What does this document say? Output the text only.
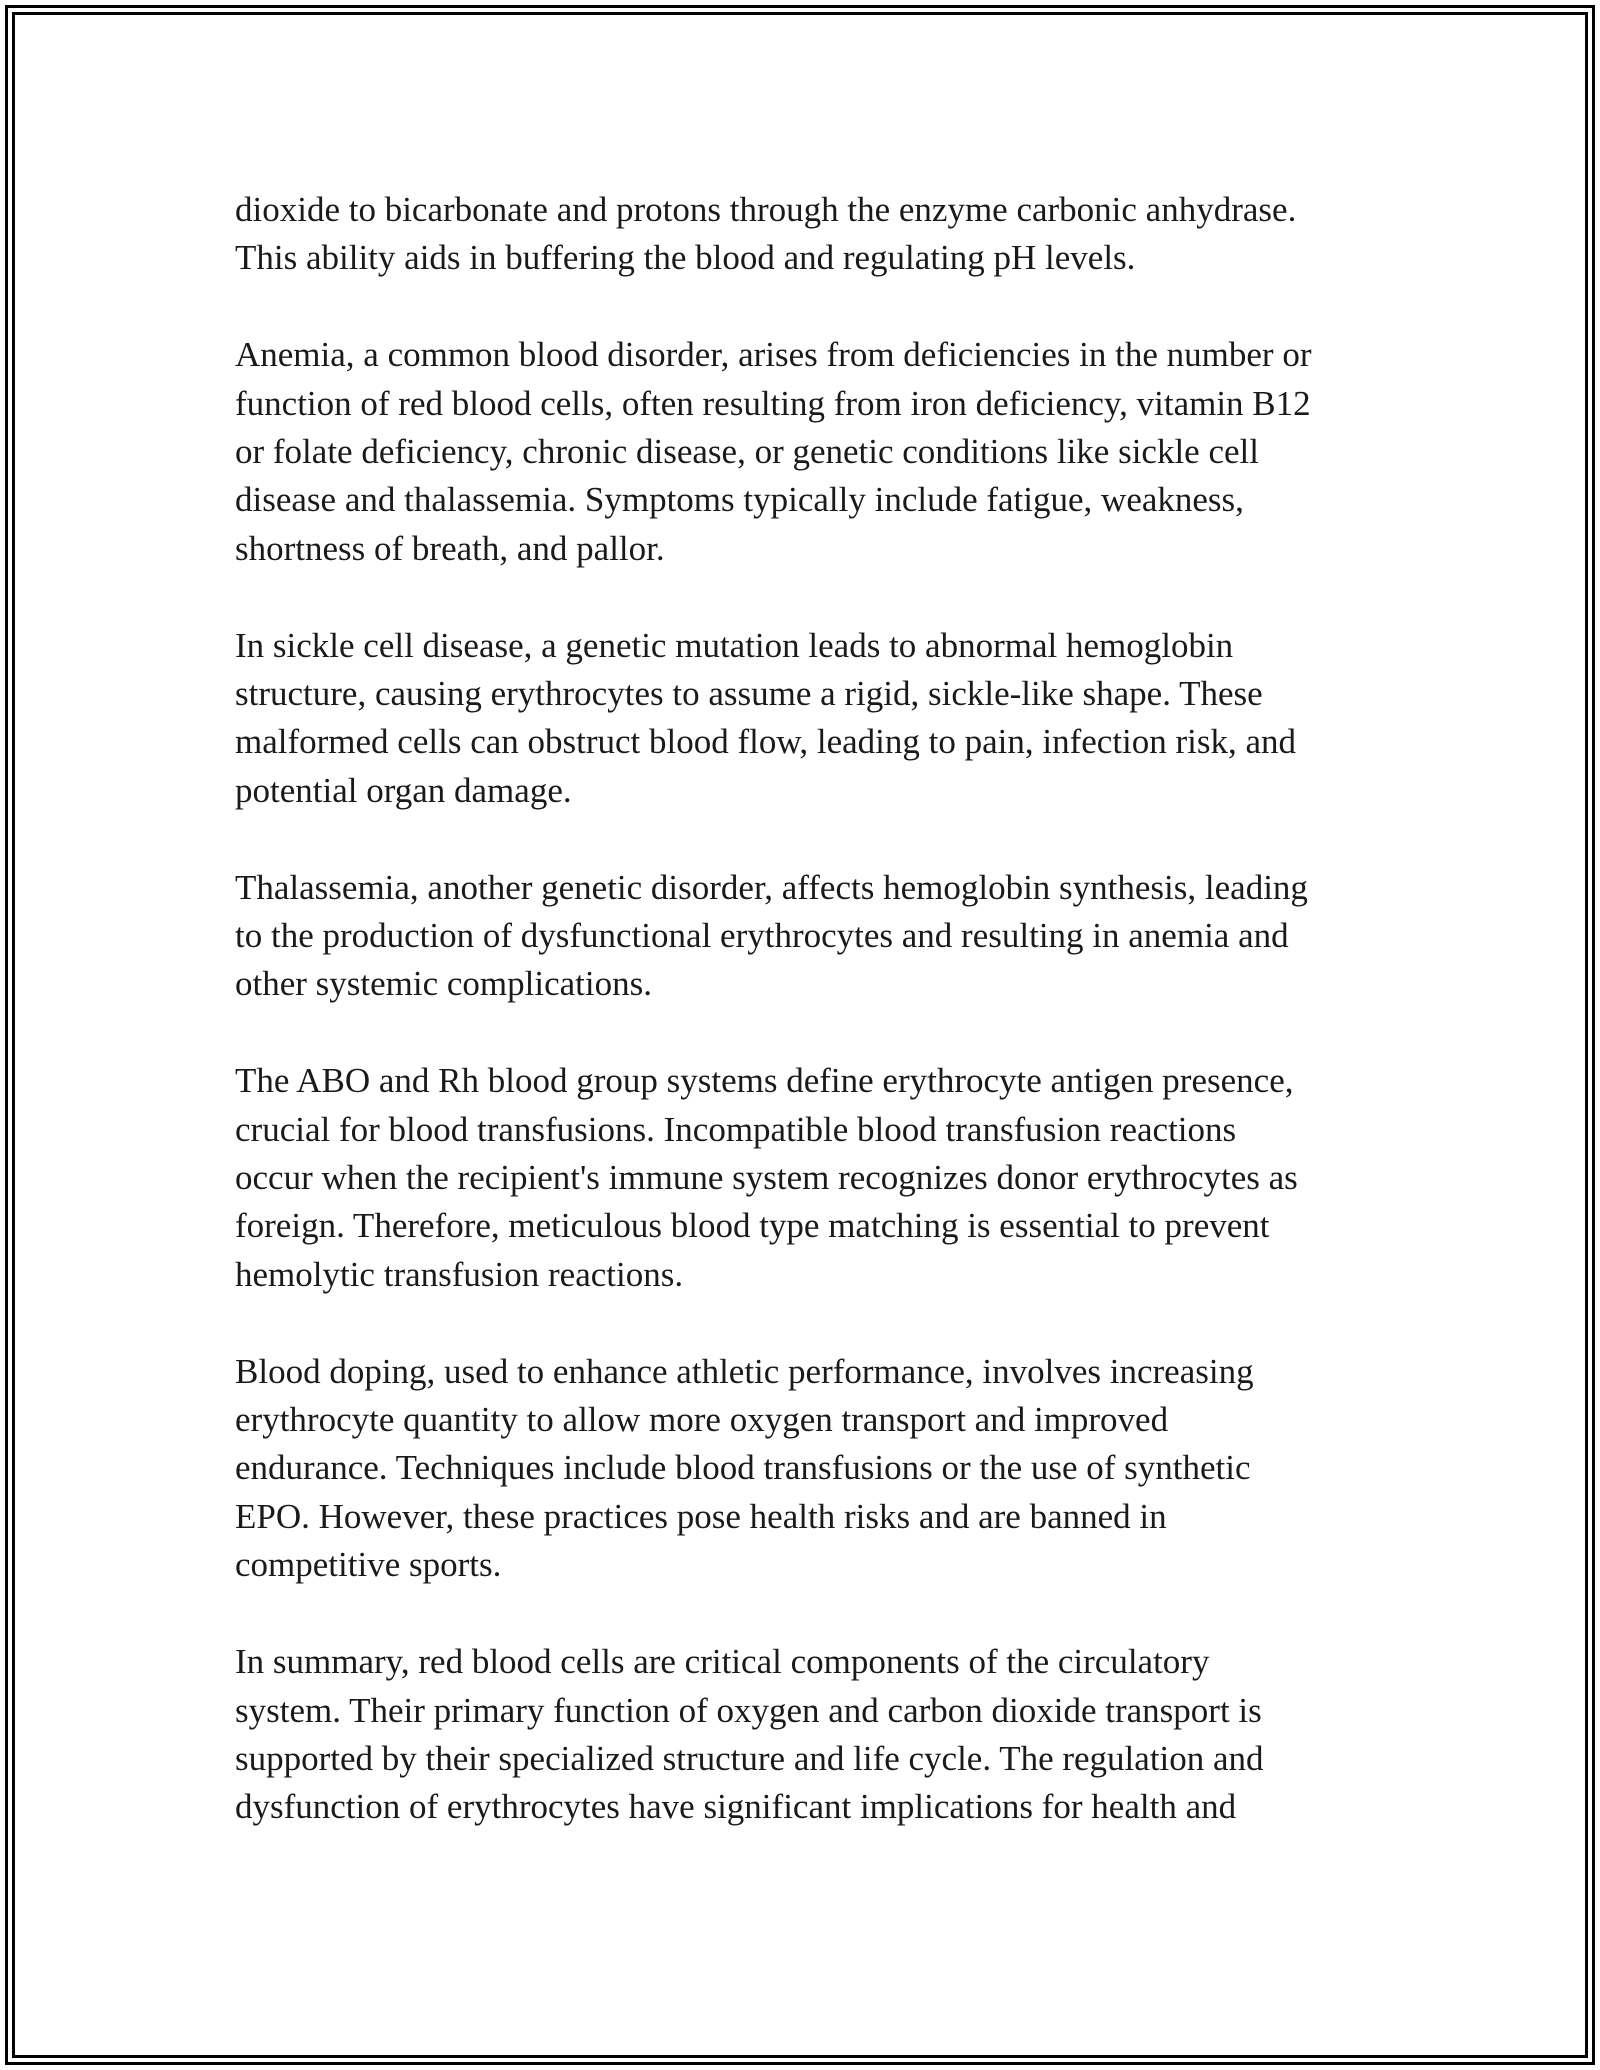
dioxide to bicarbonate and protons through the enzyme carbonic anhydrase.
This ability aids in buffering the blood and regulating pH levels.

Anemia, a common blood disorder, arises from deficiencies in the number or
function of red blood cells, often resulting from iron deficiency, vitamin B12
or folate deficiency, chronic disease, or genetic conditions like sickle cell
disease and thalassemia. Symptoms typically include fatigue, weakness,
shortness of breath, and pallor.

In sickle cell disease, a genetic mutation leads to abnormal hemoglobin
structure, causing erythrocytes to assume a rigid, sickle-like shape. These
malformed cells can obstruct blood flow, leading to pain, infection risk, and
potential organ damage.

Thalassemia, another genetic disorder, affects hemoglobin synthesis, leading
to the production of dysfunctional erythrocytes and resulting in anemia and
other systemic complications.

The ABO and Rh blood group systems define erythrocyte antigen presence,
crucial for blood transfusions. Incompatible blood transfusion reactions
occur when the recipient's immune system recognizes donor erythrocytes as
foreign. Therefore, meticulous blood type matching is essential to prevent
hemolytic transfusion reactions.

Blood doping, used to enhance athletic performance, involves increasing
erythrocyte quantity to allow more oxygen transport and improved
endurance. Techniques include blood transfusions or the use of synthetic
EPO. However, these practices pose health risks and are banned in
competitive sports.

In summary, red blood cells are critical components of the circulatory
system. Their primary function of oxygen and carbon dioxide transport is
supported by their specialized structure and life cycle. The regulation and
dysfunction of erythrocytes have significant implications for health and
